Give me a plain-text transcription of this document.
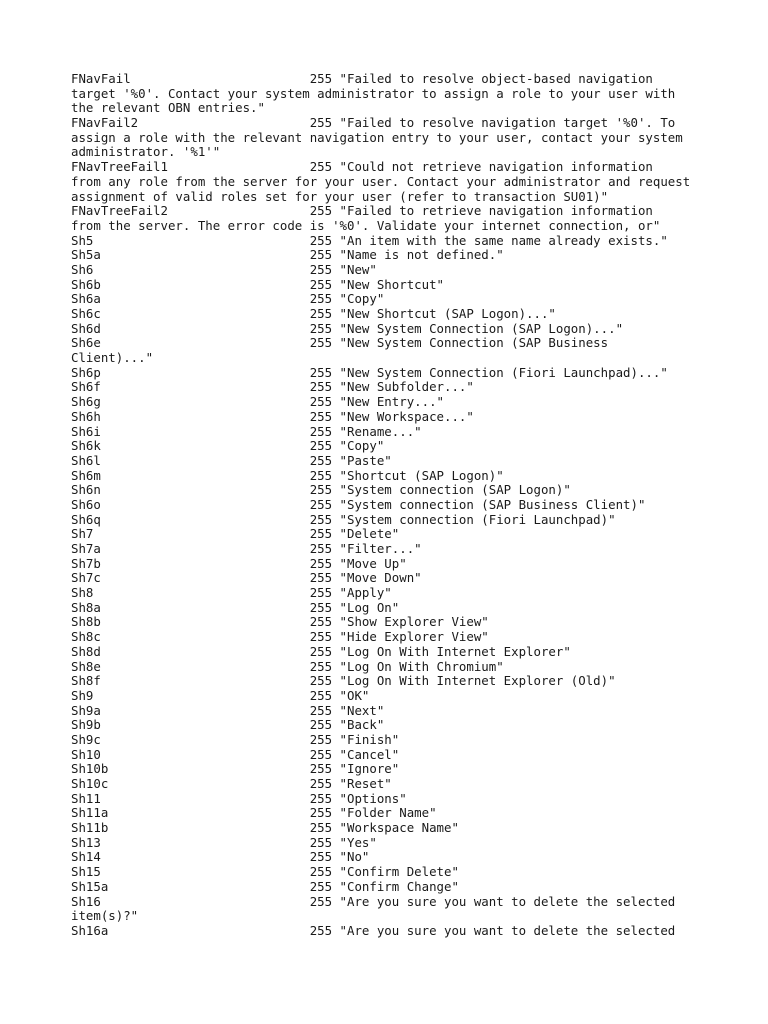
FNavFail                        255 "Failed to resolve object-based navigation
target '%0'. Contact your system administrator to assign a role to your user with
the relevant OBN entries."
FNavFail2                       255 "Failed to resolve navigation target '%0'. To
assign a role with the relevant navigation entry to your user, contact your system
administrator. '%1'"
FNavTreeFail1                   255 "Could not retrieve navigation information
from any role from the server for your user. Contact your administrator and request
assignment of valid roles set for your user (refer to transaction SU01)"
FNavTreeFail2                   255 "Failed to retrieve navigation information
from the server. The error code is '%0'. Validate your internet connection, or"
Sh5                             255 "An item with the same name already exists."
Sh5a                            255 "Name is not defined."
Sh6                             255 "New"
Sh6b                            255 "New Shortcut"
Sh6a                            255 "Copy"
Sh6c                            255 "New Shortcut (SAP Logon)..."
Sh6d                            255 "New System Connection (SAP Logon)..."
Sh6e                            255 "New System Connection (SAP Business
Client)..."
Sh6p                            255 "New System Connection (Fiori Launchpad)..."
Sh6f                            255 "New Subfolder..."
Sh6g                            255 "New Entry..."
Sh6h                            255 "New Workspace..."
Sh6i                            255 "Rename..."
Sh6k                            255 "Copy"
Sh6l                            255 "Paste"
Sh6m                            255 "Shortcut (SAP Logon)"
Sh6n                            255 "System connection (SAP Logon)"
Sh6o                            255 "System connection (SAP Business Client)"
Sh6q                            255 "System connection (Fiori Launchpad)"
Sh7                             255 "Delete"
Sh7a                            255 "Filter..."
Sh7b                            255 "Move Up"
Sh7c                            255 "Move Down"
Sh8                             255 "Apply"
Sh8a                            255 "Log On"
Sh8b                            255 "Show Explorer View"
Sh8c                            255 "Hide Explorer View"
Sh8d                            255 "Log On With Internet Explorer"
Sh8e                            255 "Log On With Chromium"
Sh8f                            255 "Log On With Internet Explorer (Old)"
Sh9                             255 "OK"
Sh9a                            255 "Next"
Sh9b                            255 "Back"
Sh9c                            255 "Finish"
Sh10                            255 "Cancel"
Sh10b                           255 "Ignore"
Sh10c                           255 "Reset"
Sh11                            255 "Options"
Sh11a                           255 "Folder Name"
Sh11b                           255 "Workspace Name"
Sh13                            255 "Yes"
Sh14                            255 "No"
Sh15                            255 "Confirm Delete"
Sh15a                           255 "Confirm Change"
Sh16                            255 "Are you sure you want to delete the selected
item(s)?"
Sh16a                           255 "Are you sure you want to delete the selected
